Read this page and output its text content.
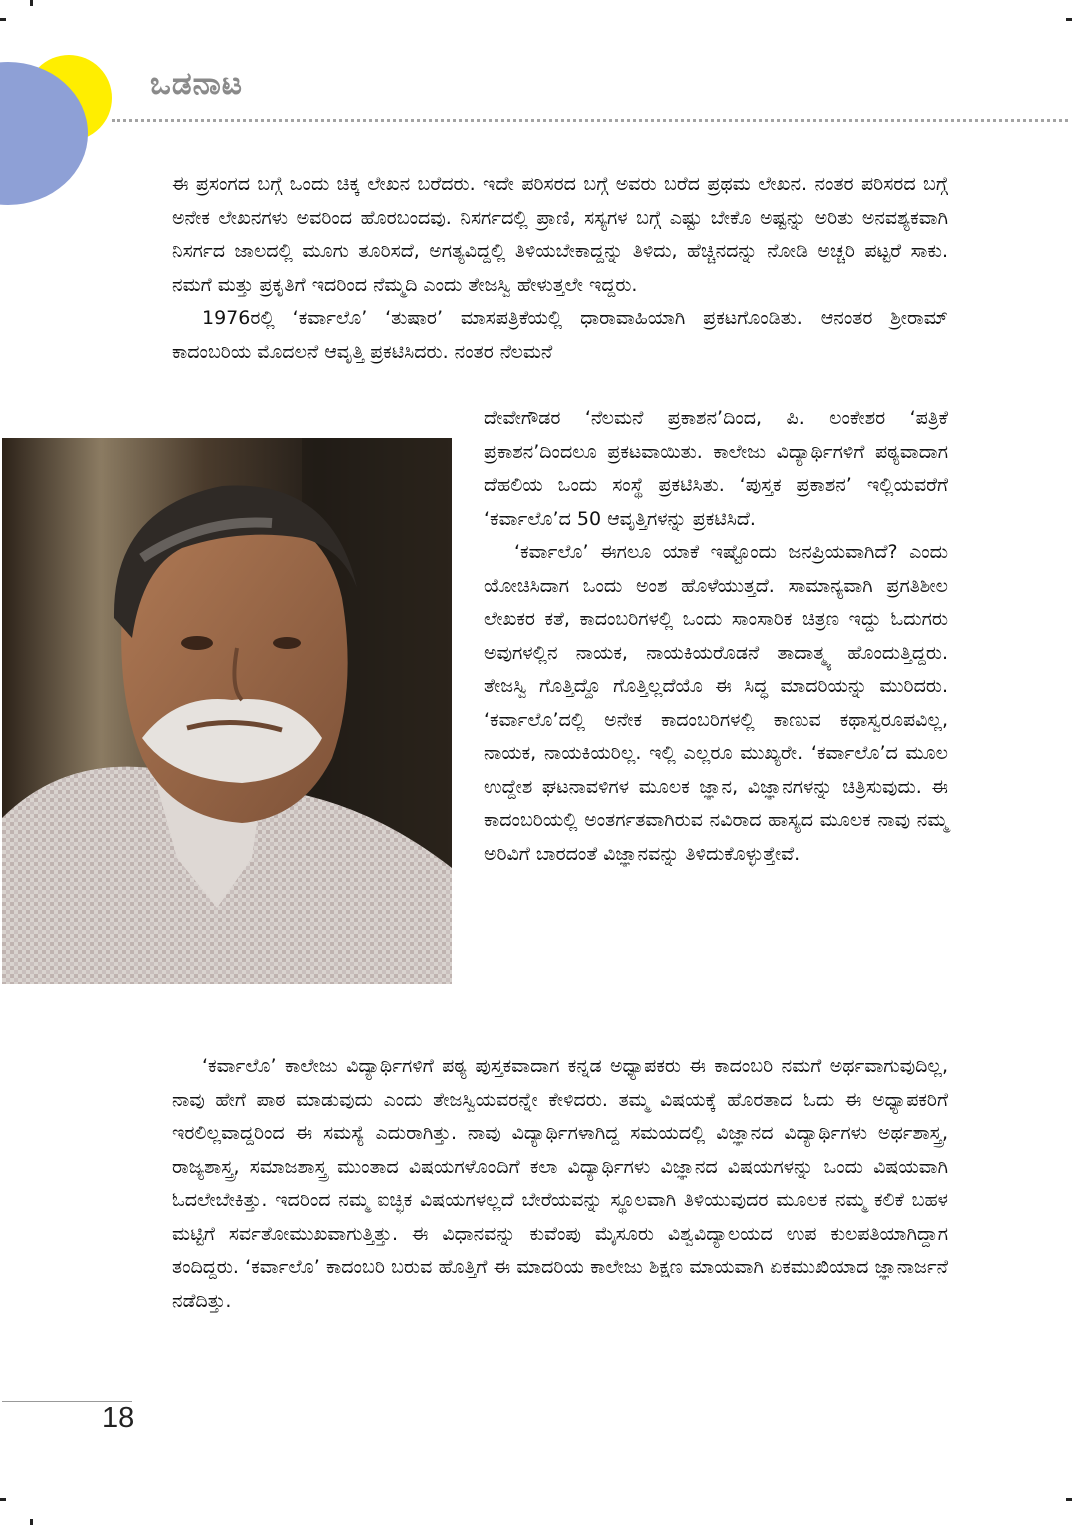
ಒಡನಾಟ

ಈ ಪ್ರಸಂಗದ ಬಗ್ಗೆ ಒಂದು ಚಿಕ್ಕ ಲೇಖನ ಬರೆದರು. ಇದೇ ಪರಿಸರದ ಬಗ್ಗೆ ಅವರು ಬರೆದ ಪ್ರಥಮ ಲೇಖನ. ನಂತರ ಪರಿಸರದ ಬಗ್ಗೆ ಅನೇಕ ಲೇಖನಗಳು ಅವರಿಂದ ಹೊರಬಂದವು. ನಿಸರ್ಗದಲ್ಲಿ ಪ್ರಾಣಿ, ಸಸ್ಯಗಳ ಬಗ್ಗೆ ಎಷ್ಟು ಬೇಕೊ ಅಷ್ಟನ್ನು ಅರಿತು ಅನವಶ್ಯಕವಾಗಿ ನಿಸರ್ಗದ ಜಾಲದಲ್ಲಿ ಮೂಗು ತೂರಿಸದೆ, ಅಗತ್ಯವಿದ್ದಲ್ಲಿ ತಿಳಿಯಬೇಕಾದ್ದನ್ನು ತಿಳಿದು, ಹೆಚ್ಚಿನದನ್ನು ನೋಡಿ ಅಚ್ಚರಿ ಪಟ್ಟರೆ ಸಾಕು. ನಮಗೆ ಮತ್ತು ಪ್ರಕೃತಿಗೆ ಇದರಿಂದ ನೆಮ್ಮದಿ ಎಂದು ತೇಜಸ್ವಿ ಹೇಳುತ್ತಲೇ ಇದ್ದರು.

1976ರಲ್ಲಿ ‘ಕರ್ವಾಲೊ’ ‘ತುಷಾರ’ ಮಾಸಪತ್ರಿಕೆಯಲ್ಲಿ ಧಾರಾವಾಹಿಯಾಗಿ ಪ್ರಕಟಗೊಂಡಿತು. ಆನಂತರ ಶ್ರೀರಾಮ್ ಕಾದಂಬರಿಯ ಮೊದಲನೆ ಆವೃತ್ತಿ ಪ್ರಕಟಿಸಿದರು. ನಂತರ ನೆಲಮನೆ

ದೇವೇಗೌಡರ ‘ನೆಲಮನೆ ಪ್ರಕಾಶನ’ದಿಂದ, ಪಿ. ಲಂಕೇಶರ ‘ಪತ್ರಿಕೆ ಪ್ರಕಾಶನ’ದಿಂದಲೂ ಪ್ರಕಟವಾಯಿತು. ಕಾಲೇಜು ವಿದ್ಯಾರ್ಥಿಗಳಿಗೆ ಪಠ್ಯವಾದಾಗ ದೆಹಲಿಯ ಒಂದು ಸಂಸ್ಥೆ ಪ್ರಕಟಿಸಿತು. ‘ಪುಸ್ತಕ ಪ್ರಕಾಶನ’ ಇಲ್ಲಿಯವರೆಗೆ ‘ಕರ್ವಾಲೊ’ದ 50 ಆವೃತ್ತಿಗಳನ್ನು ಪ್ರಕಟಿಸಿದೆ.

‘ಕರ್ವಾಲೊ’ ಈಗಲೂ ಯಾಕೆ ಇಷ್ಟೊಂದು ಜನಪ್ರಿಯವಾಗಿದೆ? ಎಂದು ಯೋಚಿಸಿದಾಗ ಒಂದು ಅಂಶ ಹೊಳೆಯುತ್ತದೆ. ಸಾಮಾನ್ಯವಾಗಿ ಪ್ರಗತಿಶೀಲ ಲೇಖಕರ ಕತೆ, ಕಾದಂಬರಿಗಳಲ್ಲಿ ಒಂದು ಸಾಂಸಾರಿಕ ಚಿತ್ರಣ ಇದ್ದು ಓದುಗರು ಅವುಗಳಲ್ಲಿನ ನಾಯಕ, ನಾಯಕಿಯರೊಡನೆ ತಾದಾತ್ಮ್ಯ ಹೊಂದುತ್ತಿದ್ದರು. ತೇಜಸ್ವಿ ಗೊತ್ತಿದ್ದೊ ಗೊತ್ತಿಲ್ಲದೆಯೊ ಈ ಸಿದ್ಧ ಮಾದರಿಯನ್ನು ಮುರಿದರು. ‘ಕರ್ವಾಲೊ’ದಲ್ಲಿ ಅನೇಕ ಕಾದಂಬರಿಗಳಲ್ಲಿ ಕಾಣುವ ಕಥಾಸ್ವರೂಪವಿಲ್ಲ, ನಾಯಕ, ನಾಯಕಿಯರಿಲ್ಲ. ಇಲ್ಲಿ ಎಲ್ಲರೂ ಮುಖ್ಯರೇ. ‘ಕರ್ವಾಲೊ’ದ ಮೂಲ ಉದ್ದೇಶ ಘಟನಾವಳಿಗಳ ಮೂಲಕ ಜ್ಞಾನ, ವಿಜ್ಞಾನಗಳನ್ನು ಚಿತ್ರಿಸುವುದು. ಈ ಕಾದಂಬರಿಯಲ್ಲಿ ಅಂತರ್ಗತವಾಗಿರುವ ನವಿರಾದ ಹಾಸ್ಯದ ಮೂಲಕ ನಾವು ನಮ್ಮ ಅರಿವಿಗೆ ಬಾರದಂತೆ ವಿಜ್ಞಾನವನ್ನು ತಿಳಿದುಕೊಳ್ಳುತ್ತೇವೆ.

‘ಕರ್ವಾಲೊ’ ಕಾಲೇಜು ವಿದ್ಯಾರ್ಥಿಗಳಿಗೆ ಪಠ್ಯ ಪುಸ್ತಕವಾದಾಗ ಕನ್ನಡ ಅಧ್ಯಾಪಕರು ಈ ಕಾದಂಬರಿ ನಮಗೆ ಅರ್ಥವಾಗುವುದಿಲ್ಲ, ನಾವು ಹೇಗೆ ಪಾಠ ಮಾಡುವುದು ಎಂದು ತೇಜಸ್ವಿಯವರನ್ನೇ ಕೇಳಿದರು. ತಮ್ಮ ವಿಷಯಕ್ಕೆ ಹೊರತಾದ ಓದು ಈ ಅಧ್ಯಾಪಕರಿಗೆ ಇರಲಿಲ್ಲವಾದ್ದರಿಂದ ಈ ಸಮಸ್ಯೆ ಎದುರಾಗಿತ್ತು. ನಾವು ವಿದ್ಯಾರ್ಥಿಗಳಾಗಿದ್ದ ಸಮಯದಲ್ಲಿ ವಿಜ್ಞಾನದ ವಿದ್ಯಾರ್ಥಿಗಳು ಅರ್ಥಶಾಸ್ತ್ರ, ರಾಜ್ಯಶಾಸ್ತ್ರ, ಸಮಾಜಶಾಸ್ತ್ರ ಮುಂತಾದ ವಿಷಯಗಳೊಂದಿಗೆ ಕಲಾ ವಿದ್ಯಾರ್ಥಿಗಳು ವಿಜ್ಞಾನದ ವಿಷಯಗಳನ್ನು ಒಂದು ವಿಷಯವಾಗಿ ಓದಲೇಬೇಕಿತ್ತು. ಇದರಿಂದ ನಮ್ಮ ಐಚ್ಛಿಕ ವಿಷಯಗಳಲ್ಲದೆ ಬೇರೆಯವನ್ನು ಸ್ಥೂಲವಾಗಿ ತಿಳಿಯುವುದರ ಮೂಲಕ ನಮ್ಮ ಕಲಿಕೆ ಬಹಳ ಮಟ್ಟಿಗೆ ಸರ್ವತೋಮುಖವಾಗುತ್ತಿತ್ತು. ಈ ವಿಧಾನವನ್ನು ಕುವೆಂಪು ಮೈಸೂರು ವಿಶ್ವವಿದ್ಯಾಲಯದ ಉಪ ಕುಲಪತಿಯಾಗಿದ್ದಾಗ ತಂದಿದ್ದರು. ‘ಕರ್ವಾಲೊ’ ಕಾದಂಬರಿ ಬರುವ ಹೊತ್ತಿಗೆ ಈ ಮಾದರಿಯ ಕಾಲೇಜು ಶಿಕ್ಷಣ ಮಾಯವಾಗಿ ಏಕಮುಖಿಯಾದ ಜ್ಞಾನಾರ್ಜನೆ ನಡೆದಿತ್ತು.

18
